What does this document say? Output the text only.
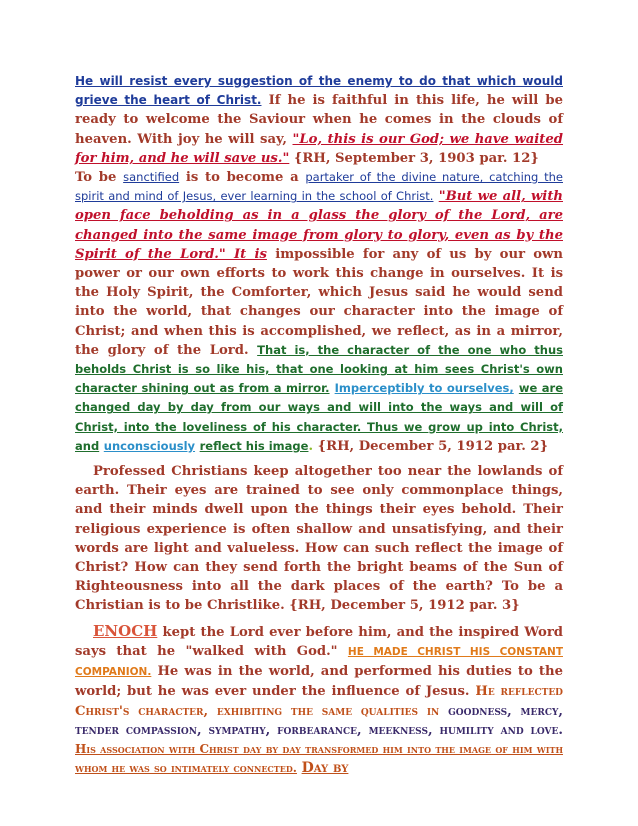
He will resist every suggestion of the enemy to do that which would grieve the heart of Christ. If he is faithful in this life, he will be ready to welcome the Saviour when he comes in the clouds of heaven. With joy he will say, "Lo, this is our God; we have waited for him, and he will save us." {RH, September 3, 1903 par. 12}

To be sanctified is to become a partaker of the divine nature, catching the spirit and mind of Jesus, ever learning in the school of Christ. "But we all, with open face beholding as in a glass the glory of the Lord, are changed into the same image from glory to glory, even as by the Spirit of the Lord." It is impossible for any of us by our own power or our own efforts to work this change in ourselves. It is the Holy Spirit, the Comforter, which Jesus said he would send into the world, that changes our character into the image of Christ; and when this is accomplished, we reflect, as in a mirror, the glory of the Lord. That is, the character of the one who thus beholds Christ is so like his, that one looking at him sees Christ's own character shining out as from a mirror. Imperceptibly to ourselves, we are changed day by day from our ways and will into the ways and will of Christ, into the loveliness of his character. Thus we grow up into Christ, and unconsciously reflect his image. {RH, December 5, 1912 par. 2}

Professed Christians keep altogether too near the lowlands of earth. Their eyes are trained to see only commonplace things, and their minds dwell upon the things their eyes behold. Their religious experience is often shallow and unsatisfying, and their words are light and valueless. How can such reflect the image of Christ? How can they send forth the bright beams of the Sun of Righteousness into all the dark places of the earth? To be a Christian is to be Christlike. {RH, December 5, 1912 par. 3}

ENOCH kept the Lord ever before him, and the inspired Word says that he "walked with God." HE MADE CHRIST HIS CONSTANT COMPANION. He was in the world, and performed his duties to the world; but he was ever under the influence of Jesus. He reflected Christ's character, exhibiting the same qualities in goodness, mercy, tender compassion, sympathy, forbearance, meekness, humility and love. His association with Christ day by day transformed him into the image of him with whom he was so intimately connected. Day by
